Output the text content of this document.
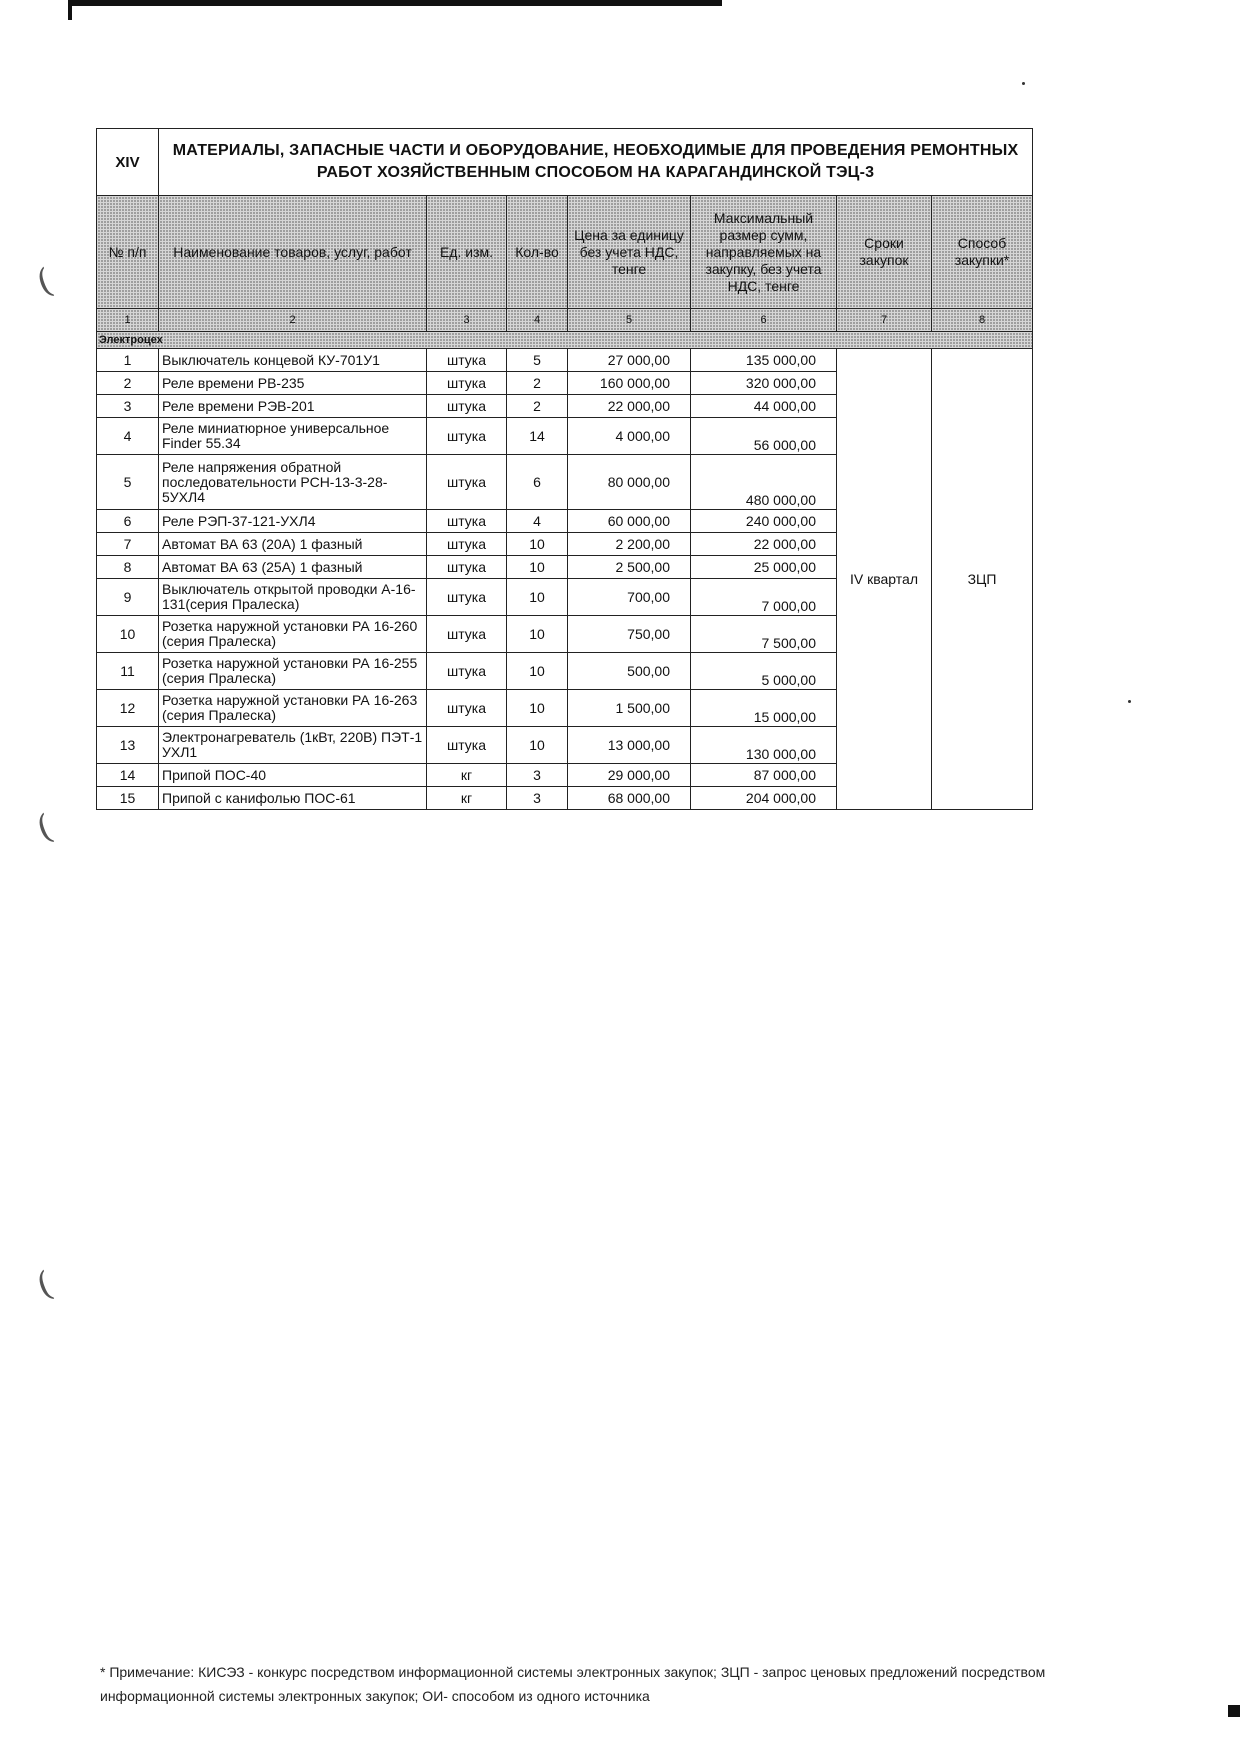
(
(
(
XIV	МАТЕРИАЛЫ, ЗАПАСНЫЕ ЧАСТИ И ОБОРУДОВАНИЕ, НЕОБХОДИМЫЕ ДЛЯ ПРОВЕДЕНИЯ РЕМОНТНЫХ РАБОТ ХОЗЯЙСТВЕННЫМ СПОСОБОМ НА КАРАГАНДИНСКОЙ ТЭЦ-3						
№ п/п	Наименование товаров, услуг, работ	Ед. изм.	Кол-во	Цена за единицу без учета НДС, тенге	Максимальный размер сумм, направляемых на закупку, без учета НДС, тенге	Сроки закупок	Способ закупки*
1	2	3	4	5	6	7	8
Электроцех							
1	Выключатель концевой КУ-701У1	штука	5	27 000,00	135 000,00	IV квартал	ЗЦП
2	Реле времени РВ-235	штука	2	160 000,00	320 000,00		
3	Реле времени РЭВ-201	штука	2	22 000,00	44 000,00		
4	Реле миниатюрное универсальное Finder 55.34	штука	14	4 000,00	56 000,00		
5	Реле напряжения обратной последовательности РСН-13-3-28-5УХЛ4	штука	6	80 000,00	480 000,00		
6	Реле РЭП-37-121-УХЛ4	штука	4	60 000,00	240 000,00		
7	Автомат ВА 63 (20А) 1 фазный	штука	10	2 200,00	22 000,00		
8	Автомат ВА 63 (25А) 1 фазный	штука	10	2 500,00	25 000,00		
9	Выключатель открытой проводки А-16-131(серия Пралеска)	штука	10	700,00	7 000,00		
10	Розетка наружной установки РА 16-260 (серия Пралеска)	штука	10	750,00	7 500,00		
11	Розетка наружной установки РА 16-255 (серия Пралеска)	штука	10	500,00	5 000,00		
12	Розетка наружной установки РА 16-263 (серия Пралеска)	штука	10	1 500,00	15 000,00		
13	Электронагреватель (1кВт, 220В) ПЭТ-1 УХЛ1	штука	10	13 000,00	130 000,00		
14	Припой ПОС-40	кг	3	29 000,00	87 000,00		
15	Припой с канифолью ПОС-61	кг	3	68 000,00	204 000,00		
* Примечание: КИСЭЗ - конкурс посредством информационной системы электронных закупок; ЗЦП - запрос ценовых предложений посредством информационной системы электронных закупок; ОИ- способом из одного источника
